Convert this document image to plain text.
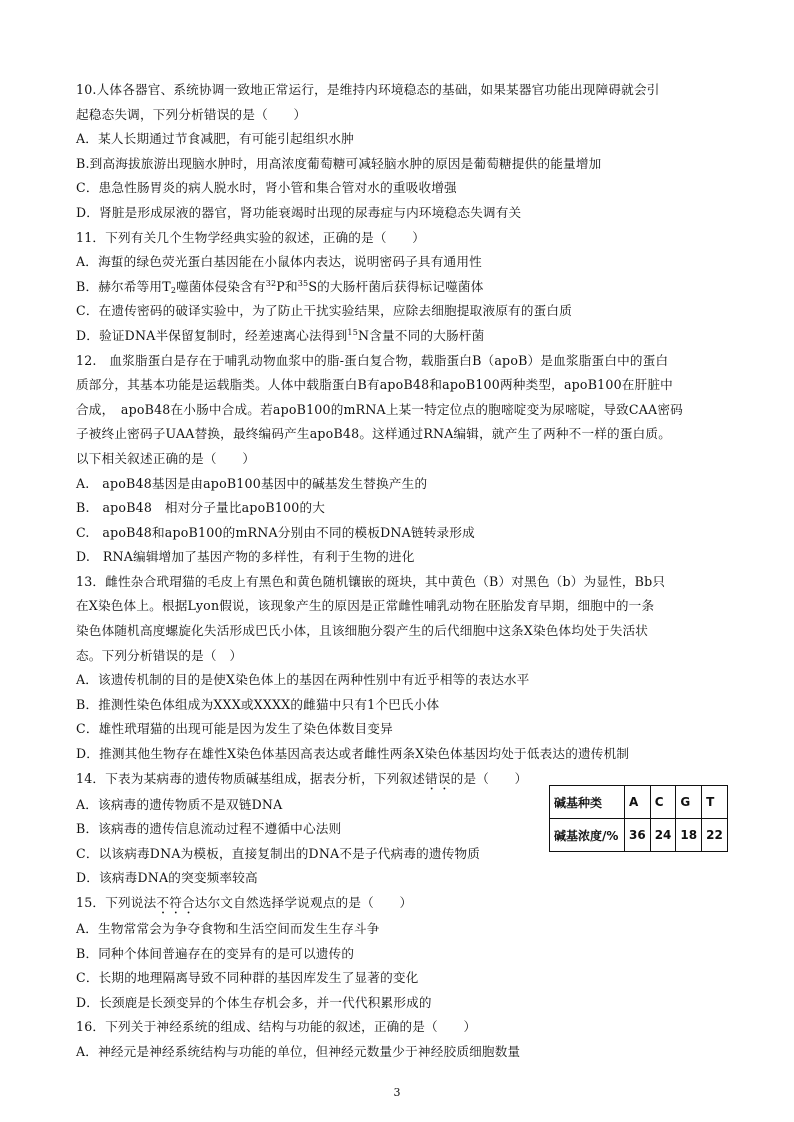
10.人体各器官、系统协调一致地正常运行，是维持内环境稳态的基础，如果某器官功能出现障碍就会引
起稳态失调，下列分析错误的是（　　）
A．某人长期通过节食减肥，有可能引起组织水肿
B.到高海拔旅游出现脑水肿时，用高浓度葡萄糖可减轻脑水肿的原因是葡萄糖提供的能量增加
C．患急性肠胃炎的病人脱水时，肾小管和集合管对水的重吸收增强
D．肾脏是形成尿液的器官，肾功能衰竭时出现的尿毒症与内环境稳态失调有关
11．下列有关几个生物学经典实验的叙述，正确的是（　　）
A．海蜇的绿色荧光蛋白基因能在小鼠体内表达，说明密码子具有通用性
B．赫尔希等用$T_2$噬菌体侵染含有$^{32}$P和$^{35}$S的大肠杆菌后获得标记噬菌体
C．在遗传密码的破译实验中，为了防止干扰实验结果，应除去细胞提取液原有的蛋白质
D．验证DNA半保留复制时，经差速离心法得到$^{15}$N含量不同的大肠杆菌
12.　血浆脂蛋白是存在于哺乳动物血浆中的脂-蛋白复合物，载脂蛋白B（apoB）是血浆脂蛋白中的蛋白
质部分，其基本功能是运载脂类。人体中载脂蛋白B有apoB48和apoB100两种类型，apoB100在肝脏中
合成，　apoB48在小肠中合成。若apoB100的mRNA上某一特定位点的胞嘧啶变为尿嘧啶，导致CAA密码
子被终止密码子UAA替换，最终编码产生apoB48。这样通过RNA编辑，就产生了两种不一样的蛋白质。
以下相关叙述正确的是（　　）
A.　apoB48基因是由apoB100基因中的碱基发生替换产生的
B.　apoB48　相对分子量比apoB100的大
C.　apoB48和apoB100的mRNA分别由不同的模板DNA链转录形成
D.　RNA编辑增加了基因产物的多样性，有利于生物的进化
13．雌性杂合玳瑁猫的毛皮上有黑色和黄色随机镶嵌的斑块，其中黄色（B）对黑色（b）为显性，Bb只
在X染色体上。根据Lyon假说，该现象产生的原因是正常雌性哺乳动物在胚胎发育早期，细胞中的一条
染色体随机高度螺旋化失活形成巴氏小体，且该细胞分裂产生的后代细胞中这条X染色体均处于失活状
态。下列分析错误的是（　）
A．该遗传机制的目的是使X染色体上的基因在两种性别中有近乎相等的表达水平
B．推测性染色体组成为XXX或XXXX的雌猫中只有1个巴氏小体
C．雄性玳瑁猫的出现可能是因为发生了染色体数目变异
D．推测其他生物存在雄性X染色体基因高表达或者雌性两条X染色体基因均处于低表达的遗传机制
14．下表为某病毒的遗传物质碱基组成，据表分析，下列叙述错误的是（　　）
A．该病毒的遗传物质不是双链DNA
B．该病毒的遗传信息流动过程不遵循中心法则
C．以该病毒DNA为模板，直接复制出的DNA不是子代病毒的遗传物质
D．该病毒DNA的突变频率较高
15．下列说法不符合达尔文自然选择学说观点的是（　　）
A．生物常常会为争夺食物和生活空间而发生生存斗争
B．同种个体间普遍存在的变异有的是可以遗传的
C．长期的地理隔离导致不同种群的基因库发生了显著的变化
D．长颈鹿是长颈变异的个体生存机会多，并一代代积累形成的
16．下列关于神经系统的组成、结构与功能的叙述，正确的是（　　）
A．神经元是神经系统结构与功能的单位，但神经元数量少于神经胶质细胞数量
碱基种类	A	C	G	T
碱基浓度/%	36	24	18	22
3
